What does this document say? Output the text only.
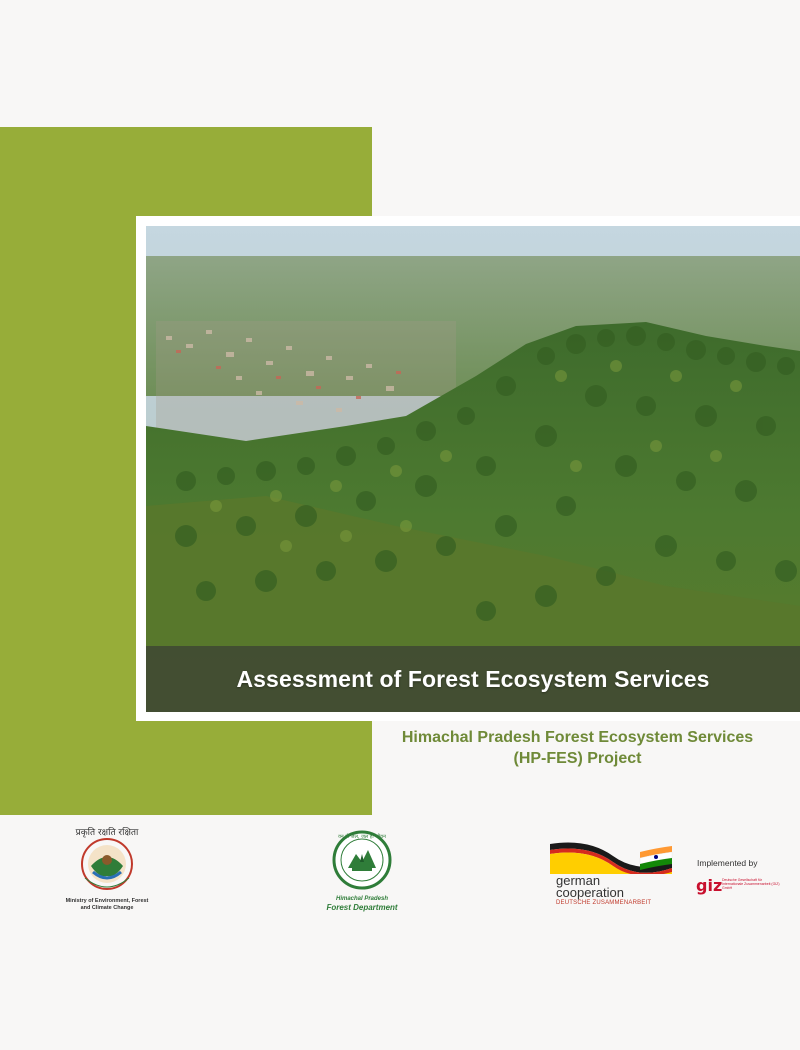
Assessment of Forest Ecosystem Services
Himachal Pradesh Forest Ecosystem Services
(HP-FES) Project
प्रकृति रक्षति रक्षिता
Ministry of Environment, Forest
and Climate Change
वन ही जल, जल ही जीवन
Himachal Pradesh
Forest Department
german
cooperation
DEUTSCHE ZUSAMMENARBEIT
Implemented by
giz Deutsche Gesellschaft für Internationale Zusammenarbeit (GIZ) GmbH
